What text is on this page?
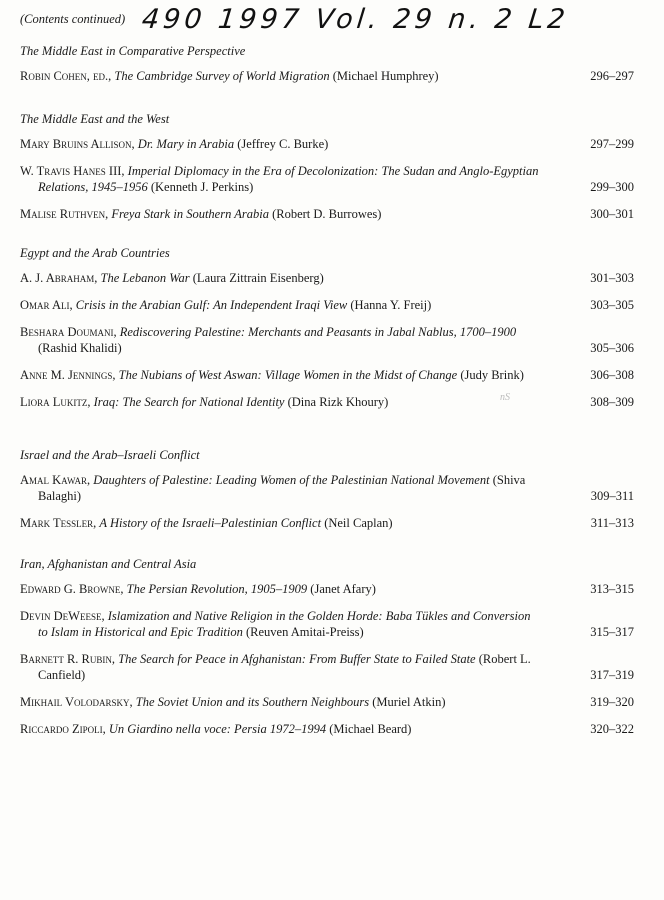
(Contents continued) 490 1997 Vol. 29 n. 2 L2
nS
The Middle East in Comparative Perspective
Robin Cohen, ed., The Cambridge Survey of World Migration (Michael Humphrey)	296–297
The Middle East and the West
Mary Bruins Allison, Dr. Mary in Arabia (Jeffrey C. Burke)	297–299
W. Travis Hanes III, Imperial Diplomacy in the Era of Decolonization: The Sudan and Anglo-Egyptian Relations, 1945–1956 (Kenneth J. Perkins)	299–300
Malise Ruthven, Freya Stark in Southern Arabia (Robert D. Burrowes)	300–301
Egypt and the Arab Countries
A. J. Abraham, The Lebanon War (Laura Zittrain Eisenberg)	301–303
Omar Ali, Crisis in the Arabian Gulf: An Independent Iraqi View (Hanna Y. Freij)	303–305
Beshara Doumani, Rediscovering Palestine: Merchants and Peasants in Jabal Nablus, 1700–1900 (Rashid Khalidi)	305–306
Anne M. Jennings, The Nubians of West Aswan: Village Women in the Midst of Change (Judy Brink)	306–308
Liora Lukitz, Iraq: The Search for National Identity (Dina Rizk Khoury)	308–309
Israel and the Arab–Israeli Conflict
Amal Kawar, Daughters of Palestine: Leading Women of the Palestinian National Movement (Shiva Balaghi)	309–311
Mark Tessler, A History of the Israeli–Palestinian Conflict (Neil Caplan)	311–313
Iran, Afghanistan and Central Asia
Edward G. Browne, The Persian Revolution, 1905–1909 (Janet Afary)	313–315
Devin DeWeese, Islamization and Native Religion in the Golden Horde: Baba Tükles and Conversion to Islam in Historical and Epic Tradition (Reuven Amitai-Preiss)	315–317
Barnett R. Rubin, The Search for Peace in Afghanistan: From Buffer State to Failed State (Robert L. Canfield)	317–319
Mikhail Volodarsky, The Soviet Union and its Southern Neighbours (Muriel Atkin)	319–320
Riccardo Zipoli, Un Giardino nella voce: Persia 1972–1994 (Michael Beard)	320–322
